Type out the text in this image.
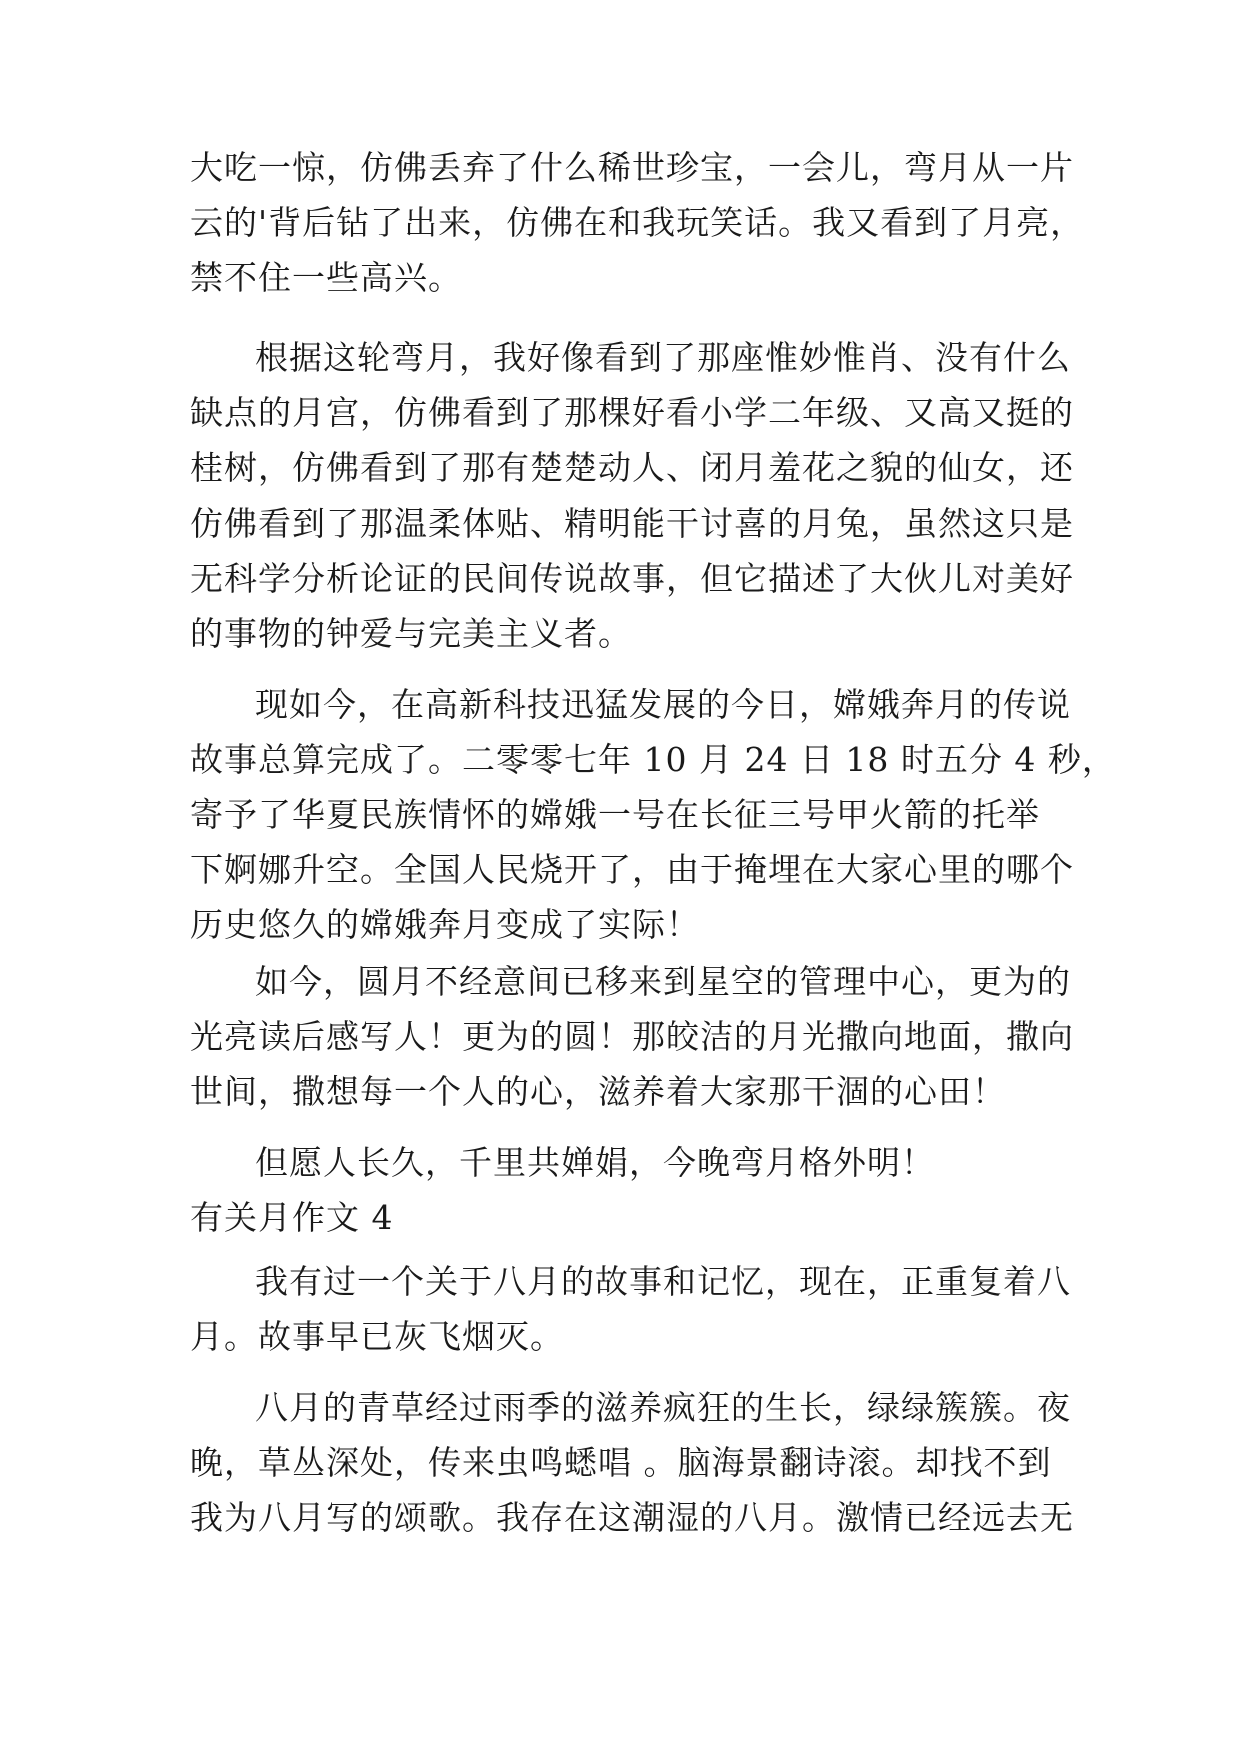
大吃一惊，仿佛丢弃了什么稀世珍宝，一会儿，弯月从一片
云的'背后钻了出来，仿佛在和我玩笑话。我又看到了月亮，
禁不住一些高兴。
根据这轮弯月，我好像看到了那座惟妙惟肖、没有什么
缺点的月宫，仿佛看到了那棵好看小学二年级、又高又挺的
桂树，仿佛看到了那有楚楚动人、闭月羞花之貌的仙女，还
仿佛看到了那温柔体贴、精明能干讨喜的月兔，虽然这只是
无科学分析论证的民间传说故事，但它描述了大伙儿对美好
的事物的钟爱与完美主义者。
现如今，在高新科技迅猛发展的今日，嫦娥奔月的传说
故事总算完成了。二零零七年 10 月 24 日 18 时五分 4 秒，
寄予了华夏民族情怀的嫦娥一号在长征三号甲火箭的托举
下婀娜升空。全国人民烧开了，由于掩埋在大家心里的哪个
历史悠久的嫦娥奔月变成了实际！
如今，圆月不经意间已移来到星空的管理中心，更为的
光亮读后感写人！更为的圆！那皎洁的月光撒向地面，撒向
世间，撒想每一个人的心，滋养着大家那干涸的心田！
但愿人长久，千里共婵娟，今晚弯月格外明！
有关月作文 4
我有过一个关于八月的故事和记忆，现在，正重复着八
月。故事早已灰飞烟灭。
八月的青草经过雨季的滋养疯狂的生长，绿绿簇簇。夜
晚，草丛深处，传来虫鸣蟋唱 。脑海景翻诗滚。却找不到
我为八月写的颂歌。我存在这潮湿的八月。激情已经远去无
